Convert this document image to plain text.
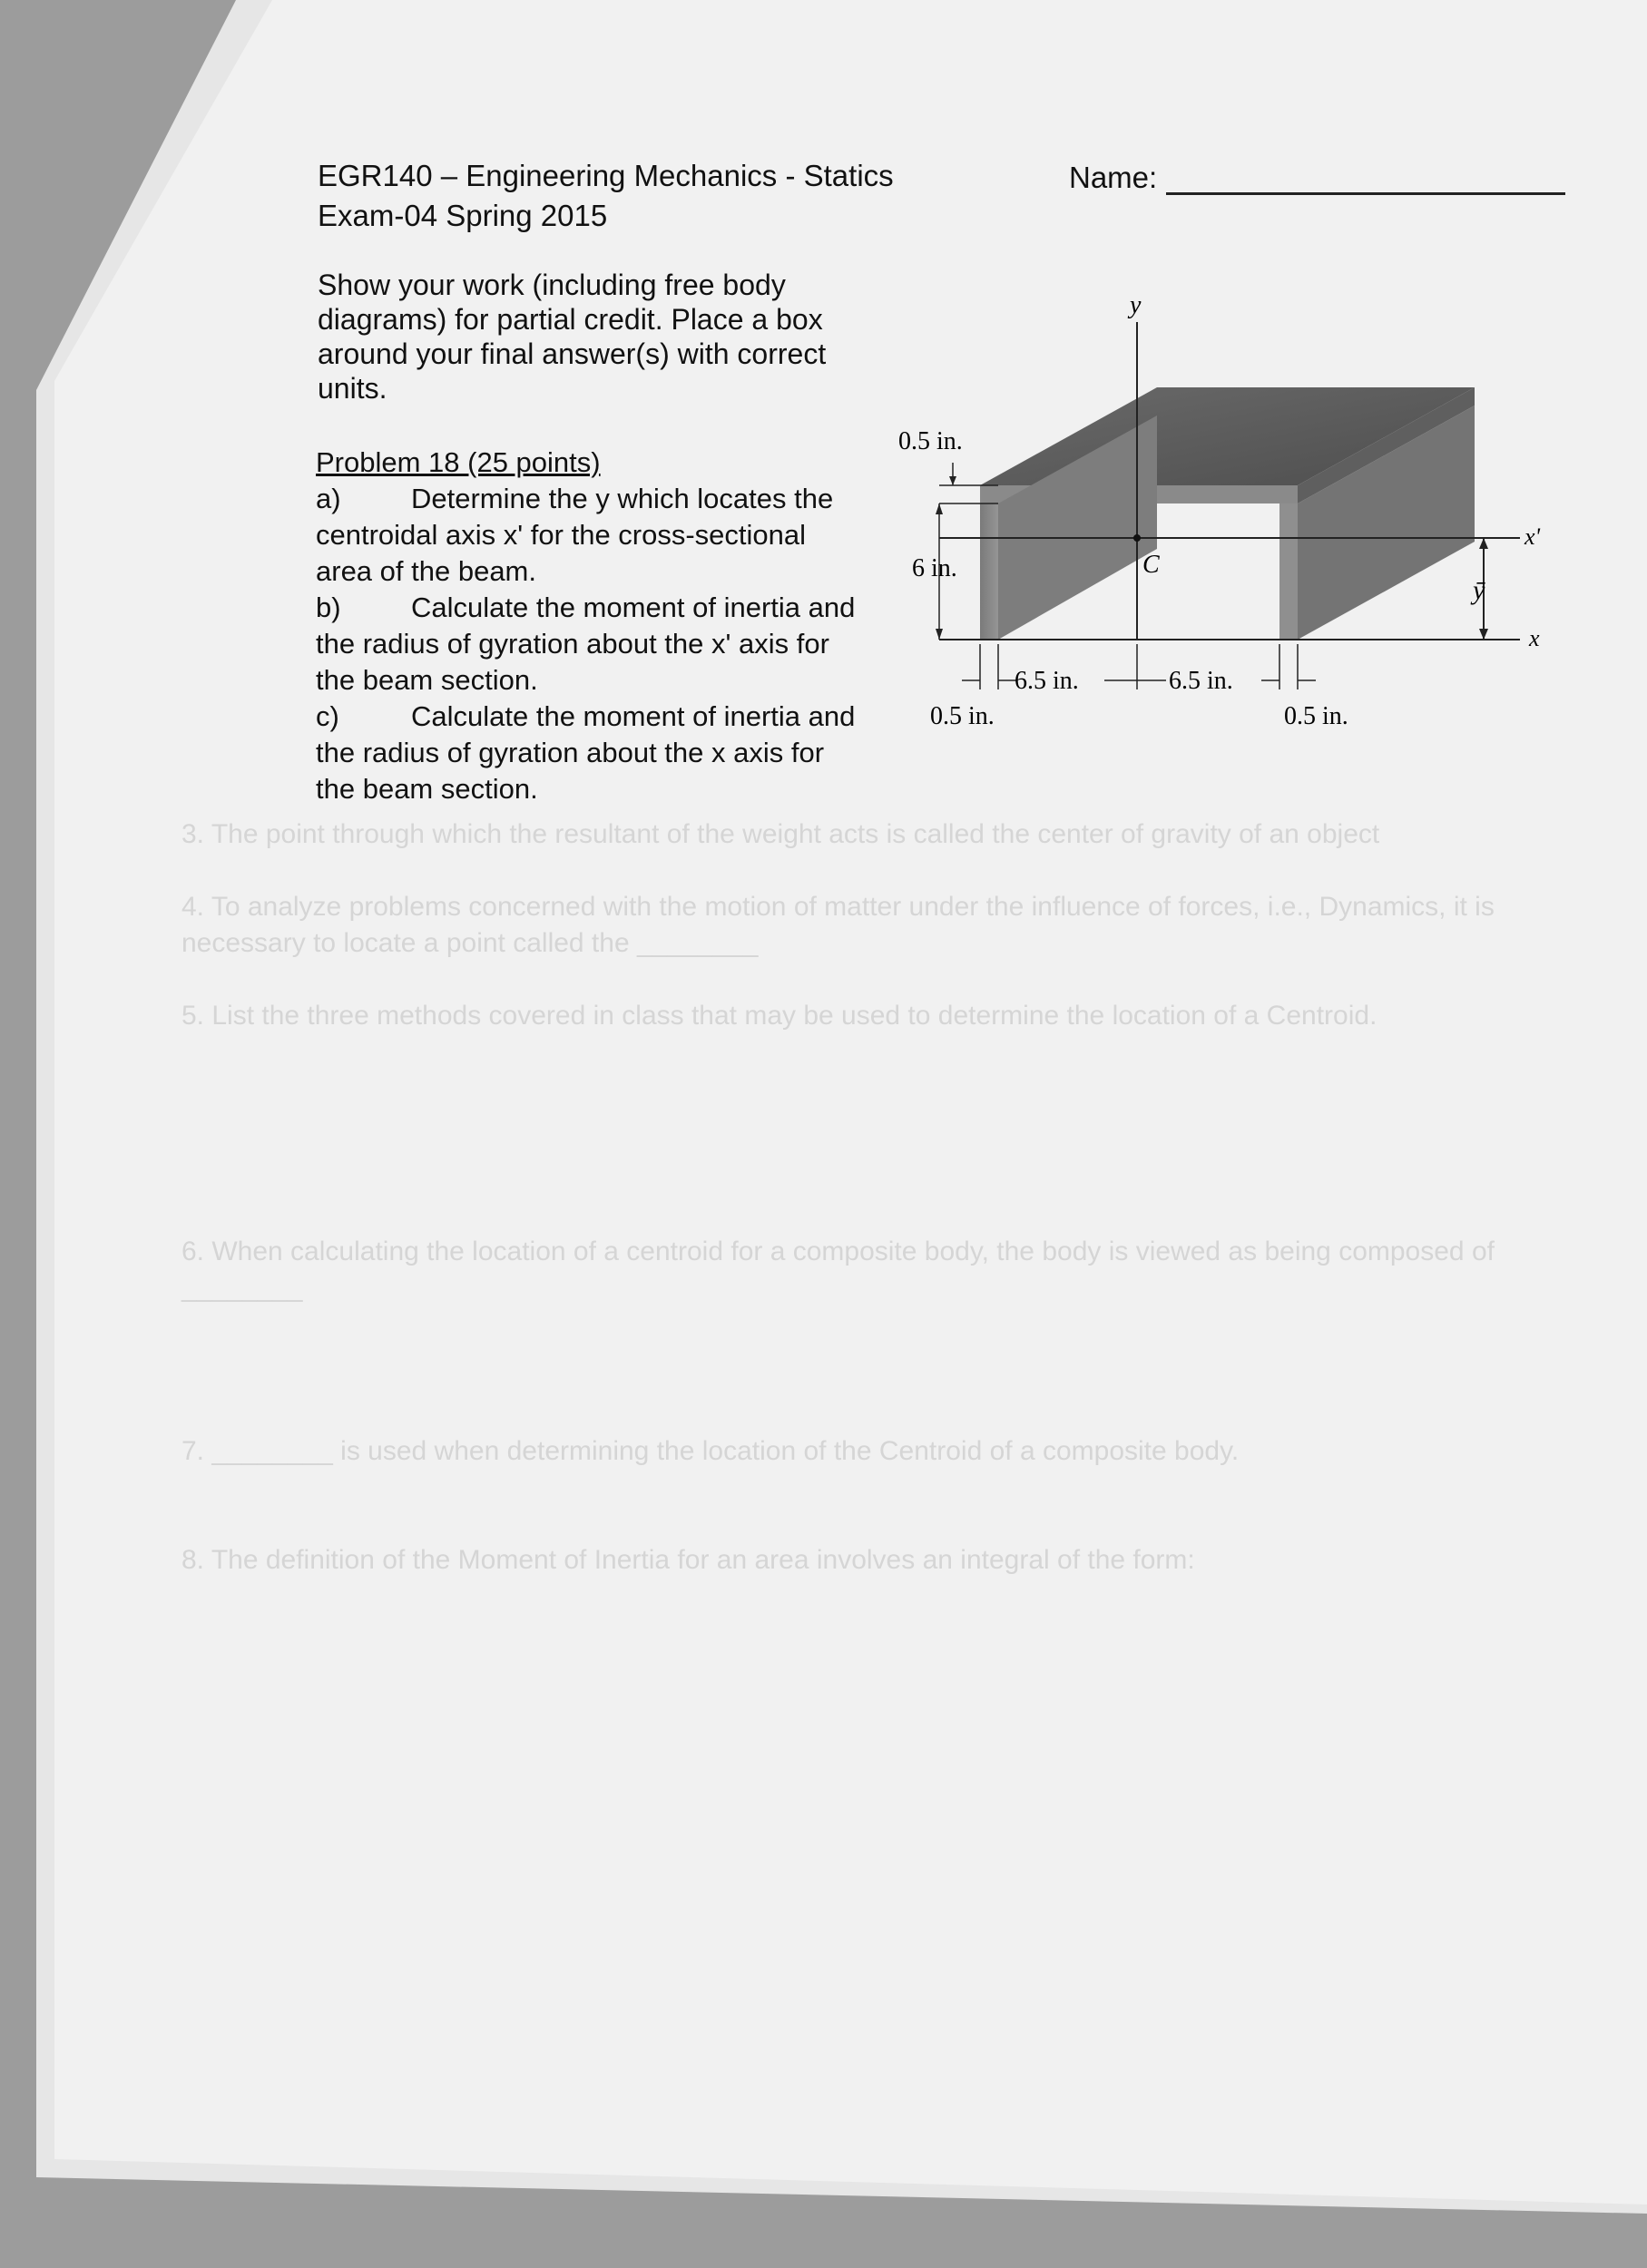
3. The point through which the resultant of the weight acts is called the center of gravity of an object

4. To analyze problems concerned with the motion of matter under the influence of forces, i.e., Dynamics, it is necessary to locate a point called the ________

5. List the three methods covered in class that may be used to determine the location of a Centroid.

6. When calculating the location of a centroid for a composite body, the body is viewed as being composed of ________

7. ________ is used when determining the location of the Centroid of a composite body.

8. The definition of the Moment of Inertia for an area involves an integral of the form:

EGR140 – Engineering Mechanics - Statics
Exam-04 Spring 2015
Name:
Show your work (including free body diagrams) for partial credit. Place a box around your final answer(s) with correct units.
Problem 18 (25 points)

a) Determine the y which locates the centroidal axis x' for the cross-sectional area of the beam.

b) Calculate the moment of inertia and the radius of gyration about the x' axis for the beam section.

c)	Calculate the moment of inertia and the radius of gyration about the x axis for the beam section.

y
x'
x
C
ȳ
0.5 in.
6 in.
6.5 in.	6.5 in.
0.5 in.	0.5 in.
